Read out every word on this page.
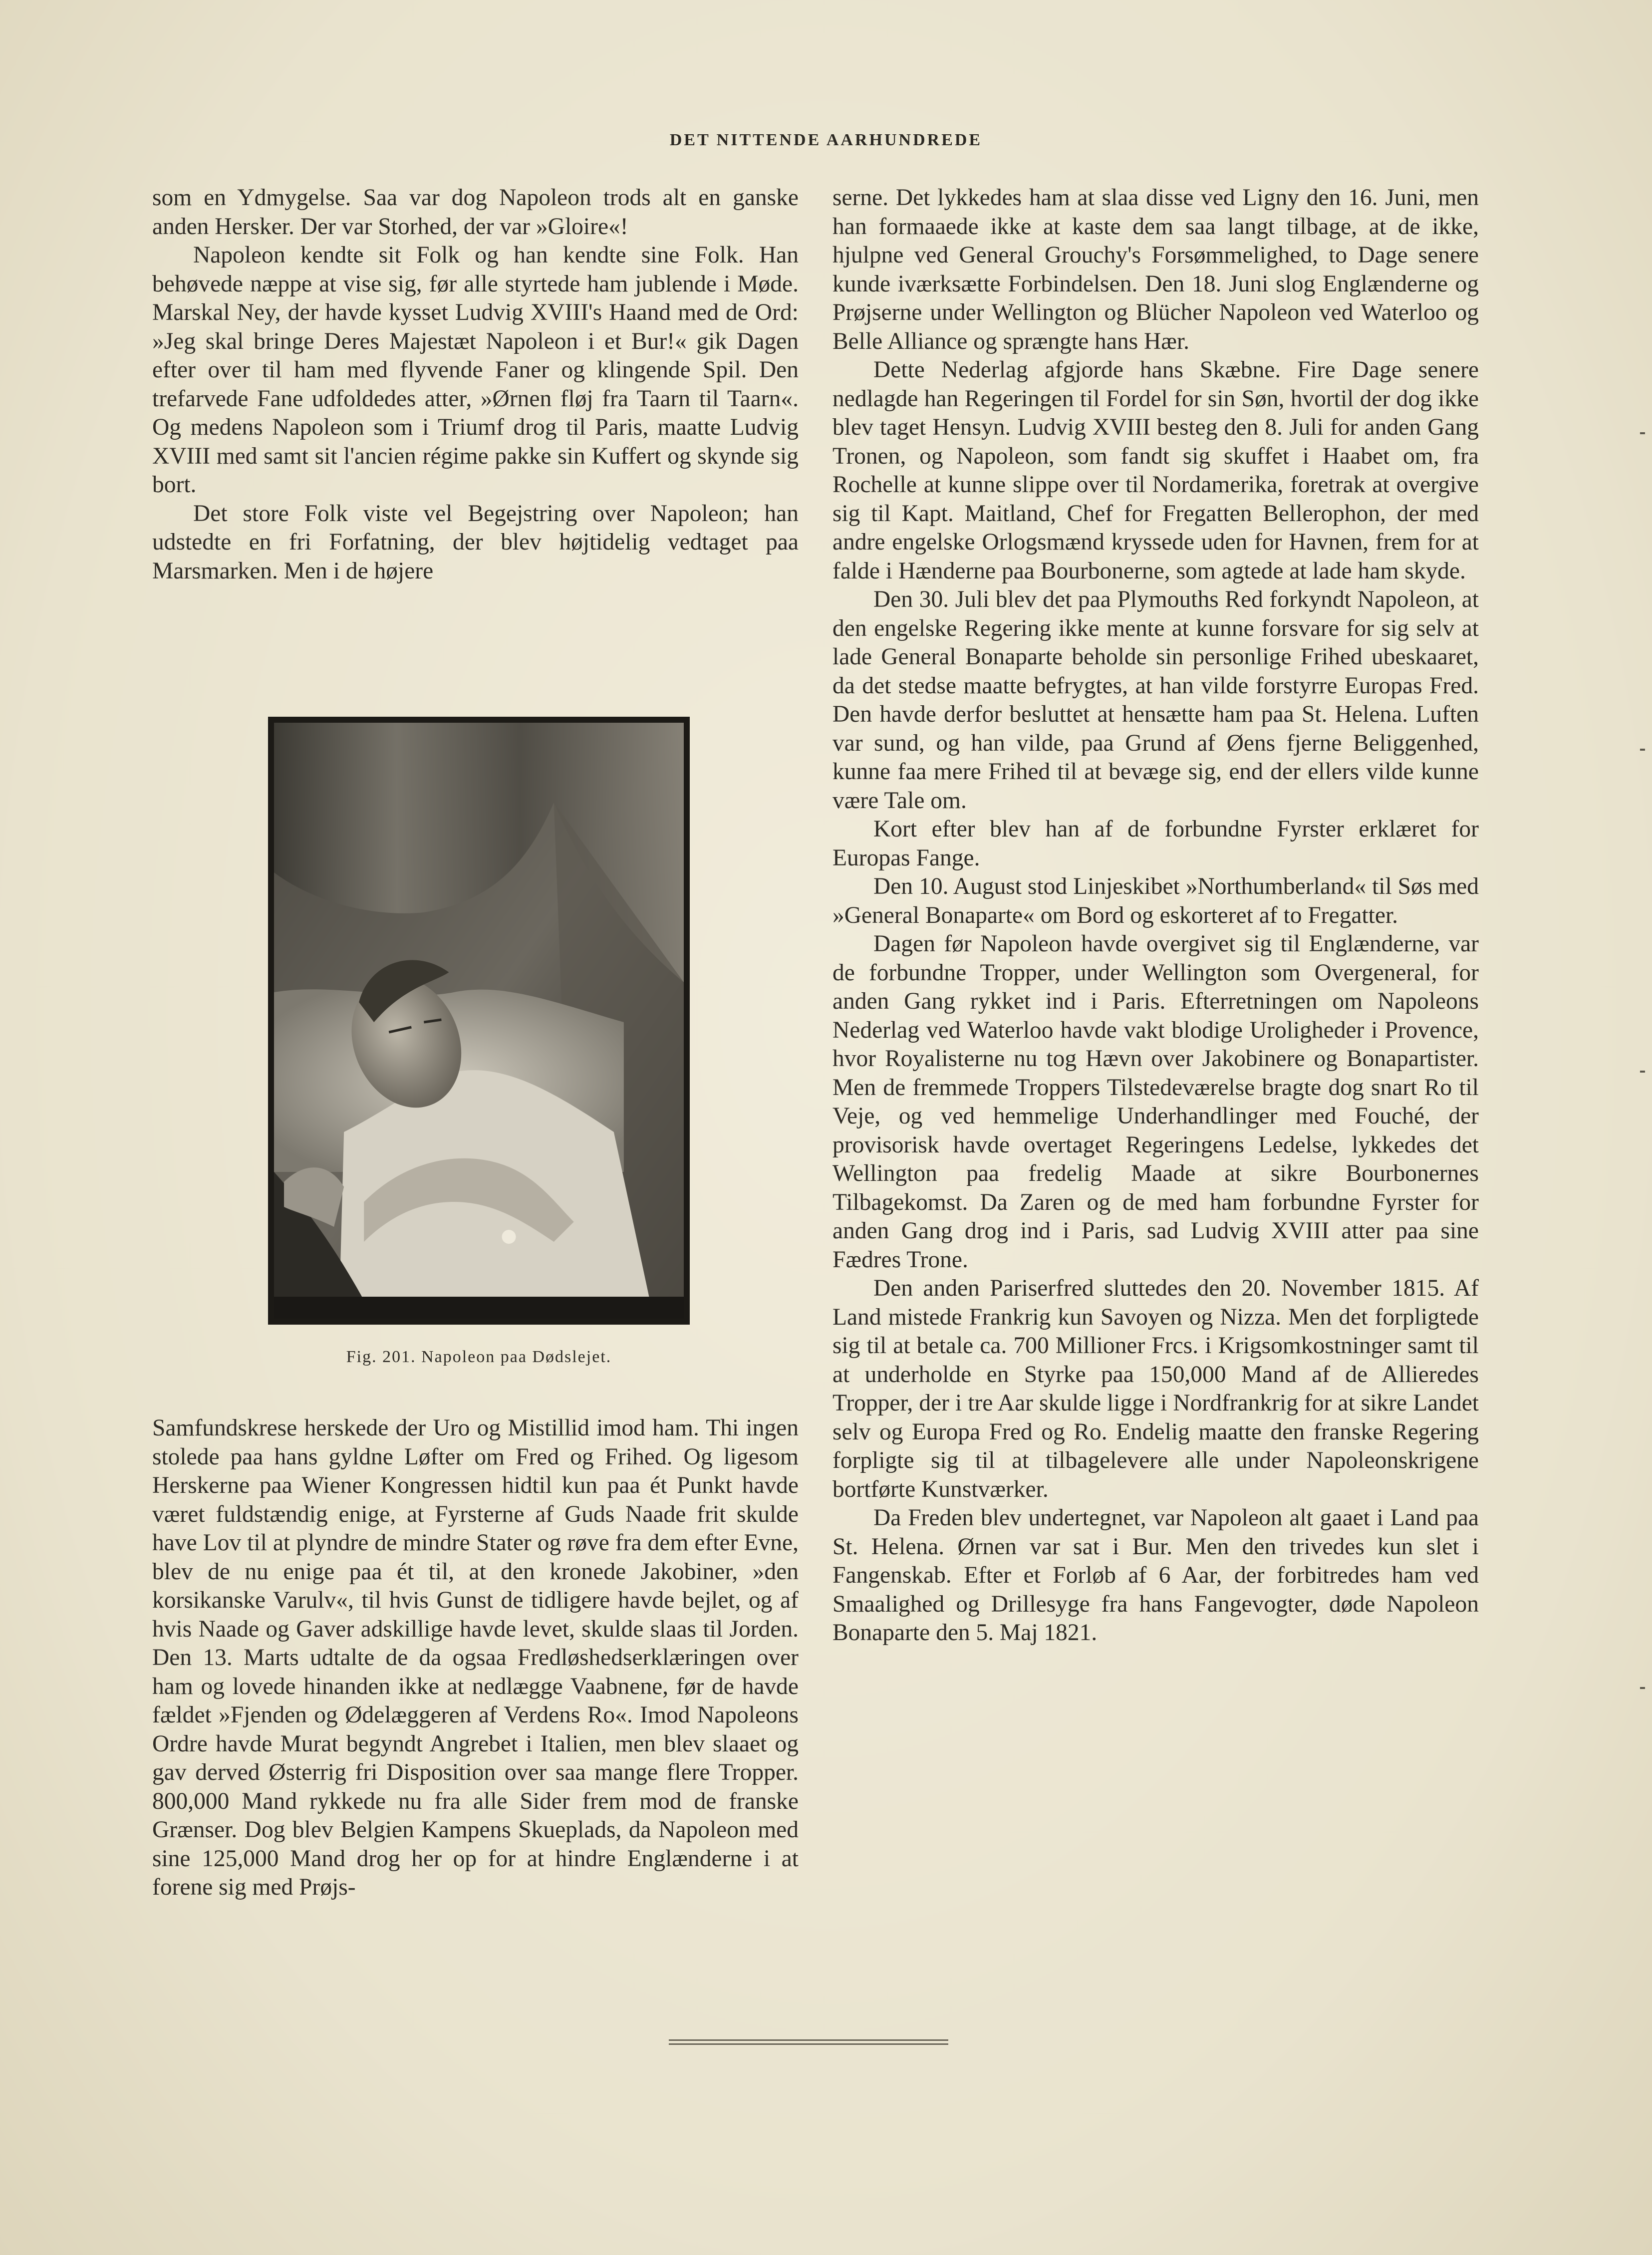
DET NITTENDE AARHUNDREDE

som en Ydmygelse. Saa var dog Napoleon trods alt en ganske anden Hersker. Der var Storhed, der var »Gloire«!

Napoleon kendte sit Folk og han kendte sine Folk. Han behøvede næppe at vise sig, før alle styrtede ham jublende i Møde. Marskal Ney, der havde kysset Ludvig XVIII's Haand med de Ord: »Jeg skal bringe Deres Majestæt Napoleon i et Bur!« gik Dagen efter over til ham med flyvende Faner og klingende Spil. Den trefarvede Fane udfoldedes atter, »Ørnen fløj fra Taarn til Taarn«. Og medens Napoleon som i Triumf drog til Paris, maatte Ludvig XVIII med samt sit l'ancien régime pakke sin Kuffert og skynde sig bort.

Det store Folk viste vel Begejstring over Napoleon; han udstedte en fri Forfatning, der blev højtidelig vedtaget paa Marsmarken. Men i de højere

Fig. 201. Napoleon paa Dødslejet.

Samfundskrese herskede der Uro og Mistillid imod ham. Thi ingen stolede paa hans gyldne Løfter om Fred og Frihed. Og ligesom Herskerne paa Wiener Kongressen hidtil kun paa ét Punkt havde været fuldstændig enige, at Fyrsterne af Guds Naade frit skulde have Lov til at plyndre de mindre Stater og røve fra dem efter Evne, blev de nu enige paa ét til, at den kronede Jakobiner, »den korsikanske Varulv«, til hvis Gunst de tidligere havde bejlet, og af hvis Naade og Gaver adskillige havde levet, skulde slaas til Jorden. Den 13. Marts udtalte de da ogsaa Fredløshedserklæringen over ham og lovede hinanden ikke at nedlægge Vaabnene, før de havde fældet »Fjenden og Ødelæggeren af Verdens Ro«. Imod Napoleons Ordre havde Murat begyndt Angrebet i Italien, men blev slaaet og gav derved Østerrig fri Disposition over saa mange flere Tropper. 800,000 Mand rykkede nu fra alle Sider frem mod de franske Grænser. Dog blev Belgien Kampens Skueplads, da Napoleon med sine 125,000 Mand drog her op for at hindre Englænderne i at forene sig med Prøjs-

serne. Det lykkedes ham at slaa disse ved Ligny den 16. Juni, men han formaaede ikke at kaste dem saa langt tilbage, at de ikke, hjulpne ved General Grouchy's Forsømmelighed, to Dage senere kunde iværksætte Forbindelsen. Den 18. Juni slog Englænderne og Prøjserne under Wellington og Blücher Napoleon ved Waterloo og Belle Alliance og sprængte hans Hær.

Dette Nederlag afgjorde hans Skæbne. Fire Dage senere nedlagde han Regeringen til Fordel for sin Søn, hvortil der dog ikke blev taget Hensyn. Ludvig XVIII besteg den 8. Juli for anden Gang Tronen, og Napoleon, som fandt sig skuffet i Haabet om, fra Rochelle at kunne slippe over til Nordamerika, foretrak at overgive sig til Kapt. Maitland, Chef for Fregatten Bellerophon, der med andre engelske Orlogsmænd kryssede uden for Havnen, frem for at falde i Hænderne paa Bourbonerne, som agtede at lade ham skyde.

Den 30. Juli blev det paa Plymouths Red forkyndt Napoleon, at den engelske Regering ikke mente at kunne forsvare for sig selv at lade General Bonaparte beholde sin personlige Frihed ubeskaaret, da det stedse maatte befrygtes, at han vilde forstyrre Europas Fred. Den havde derfor besluttet at hensætte ham paa St. Helena. Luften var sund, og han vilde, paa Grund af Øens fjerne Beliggenhed, kunne faa mere Frihed til at bevæge sig, end der ellers vilde kunne være Tale om.

Kort efter blev han af de forbundne Fyrster erklæret for Europas Fange.

Den 10. August stod Linjeskibet »Northumberland« til Søs med »General Bonaparte« om Bord og eskorteret af to Fregatter.

Dagen før Napoleon havde overgivet sig til Englænderne, var de forbundne Tropper, under Wellington som Overgeneral, for anden Gang rykket ind i Paris. Efterretningen om Napoleons Nederlag ved Waterloo havde vakt blodige Uroligheder i Provence, hvor Royalisterne nu tog Hævn over Jakobinere og Bonapartister. Men de fremmede Troppers Tilstedeværelse bragte dog snart Ro til Veje, og ved hemmelige Underhandlinger med Fouché, der provisorisk havde overtaget Regeringens Ledelse, lykkedes det Wellington paa fredelig Maade at sikre Bourbonernes Tilbagekomst. Da Zaren og de med ham forbundne Fyrster for anden Gang drog ind i Paris, sad Ludvig XVIII atter paa sine Fædres Trone.

Den anden Pariserfred sluttedes den 20. November 1815. Af Land mistede Frankrig kun Savoyen og Nizza. Men det forpligtede sig til at betale ca. 700 Millioner Frcs. i Krigsomkostninger samt til at underholde en Styrke paa 150,000 Mand af de Allieredes Tropper, der i tre Aar skulde ligge i Nordfrankrig for at sikre Landet selv og Europa Fred og Ro. Endelig maatte den franske Regering forpligte sig til at tilbagelevere alle under Napoleonskrigene bortførte Kunstværker.

Da Freden blev undertegnet, var Napoleon alt gaaet i Land paa St. Helena. Ørnen var sat i Bur. Men den trivedes kun slet i Fangenskab. Efter et Forløb af 6 Aar, der forbitredes ham ved Smaalighed og Drillesyge fra hans Fangevogter, døde Napoleon Bonaparte den 5. Maj 1821.
